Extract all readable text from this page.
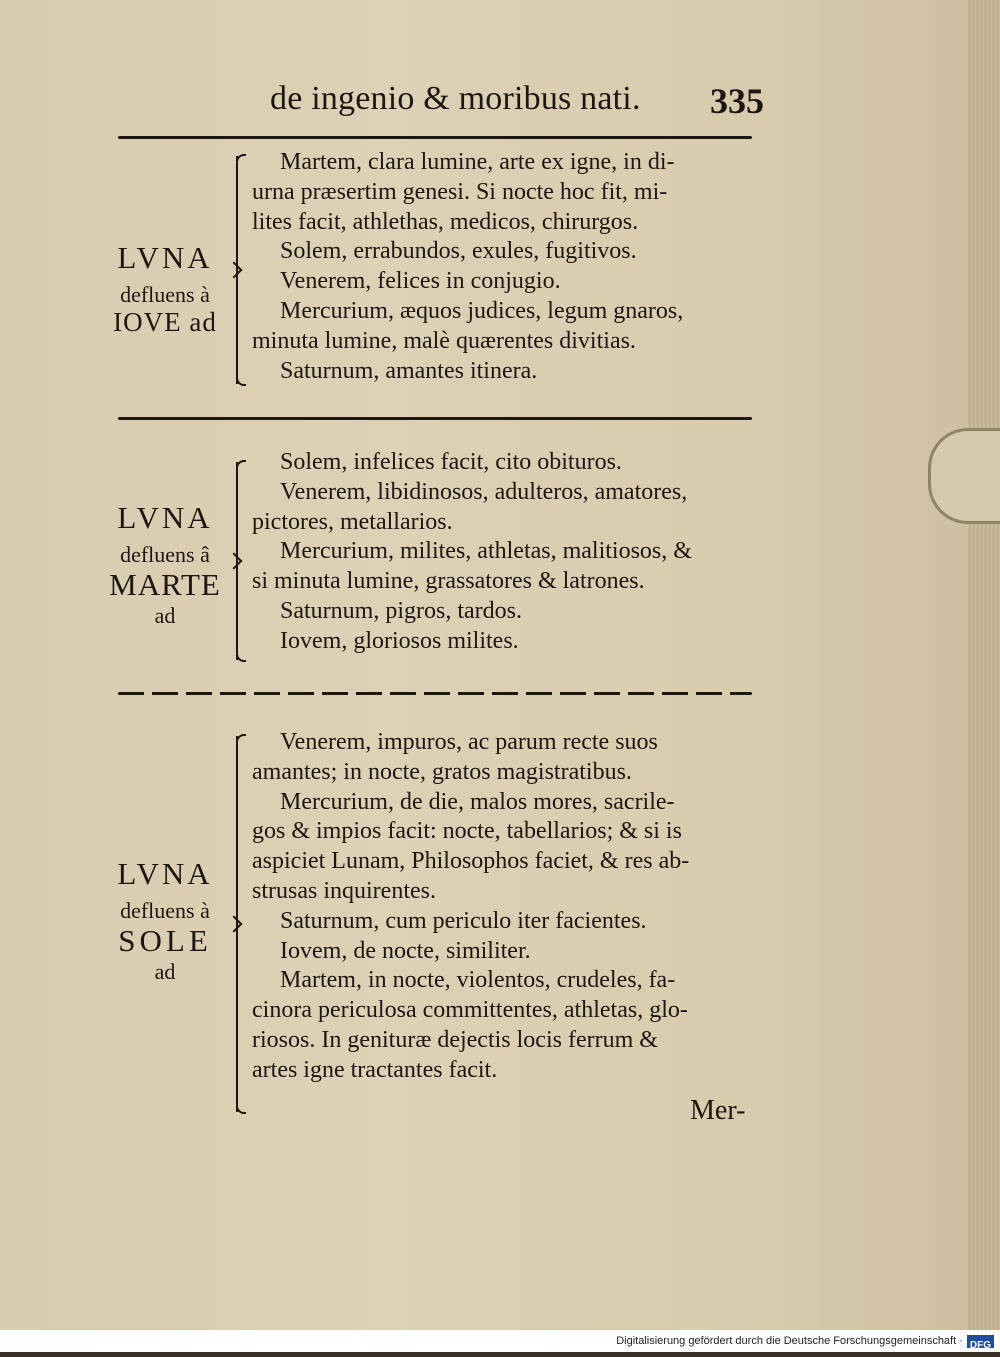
de ingenio & moribus nati. 335
LVNA
defluens à
IOVE ad
Martem, clara lumine, arte ex igne, in di-
urna præsertim genesi. Si nocte hoc fit, mi-
lites facit, athlethas, medicos, chirurgos.
Solem, errabundos, exules, fugitivos.
Venerem, felices in conjugio.
Mercurium, æquos judices, legum gnaros,
minuta lumine, malè quærentes divitias.
Saturnum, amantes itinera.
LVNA
defluens â
MARTE
ad
Solem, infelices facit, cito obituros.
Venerem, libidinosos, adulteros, amatores,
pictores, metallarios.
Mercurium, milites, athletas, malitiosos, &
si minuta lumine, grassatores & latrones.
Saturnum, pigros, tardos.
Iovem, gloriosos milites.
LVNA
defluens à
SOLE
ad
Venerem, impuros, ac parum recte suos
amantes; in nocte, gratos magistratibus.
Mercurium, de die, malos mores, sacrile-
gos & impios facit: nocte, tabellarios; & si is
aspiciet Lunam, Philosophos faciet, & res ab-
strusas inquirentes.
Saturnum, cum periculo iter facientes.
Iovem, de nocte, similiter.
Martem, in nocte, violentos, crudeles, fa-
cinora periculosa committentes, athletas, glo-
riosos. In genituræ dejectis locis ferrum &
artes igne tractantes facit.
Mer-
Digitalisierung gefördert durch die Deutsche Forschungsgemeinschaft · DFG
